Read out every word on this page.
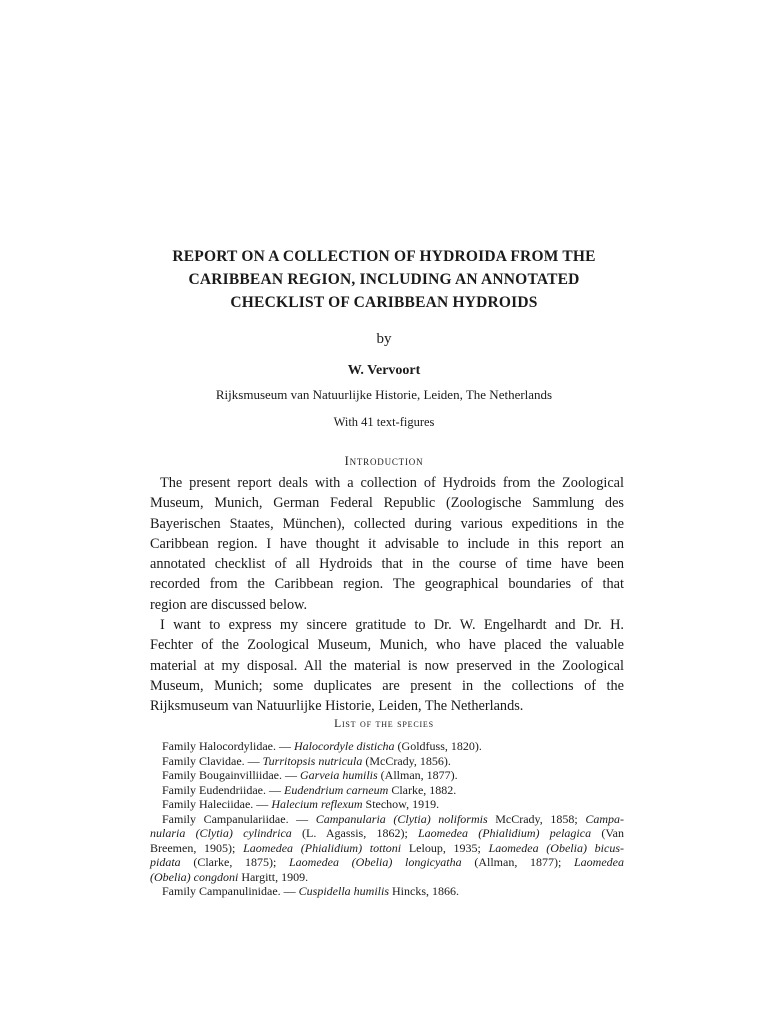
REPORT ON A COLLECTION OF HYDROIDA FROM THE
CARIBBEAN REGION, INCLUDING AN ANNOTATED
CHECKLIST OF CARIBBEAN HYDROIDS
by
W. Vervoort
Rijksmuseum van Natuurlijke Historie, Leiden, The Netherlands
With 41 text-figures
Introduction
The present report deals with a collection of Hydroids from the Zoological
Museum, Munich, German Federal Republic (Zoologische Sammlung des
Bayerischen Staates, München), collected during various expeditions in the
Caribbean region. I have thought it advisable to include in this report an
annotated checklist of all Hydroids that in the course of time have been
recorded from the Caribbean region. The geographical boundaries of that
region are discussed below.
I want to express my sincere gratitude to Dr. W. Engelhardt and Dr. H.
Fechter of the Zoological Museum, Munich, who have placed the valuable
material at my disposal. All the material is now preserved in the Zoological
Museum, Munich; some duplicates are present in the collections of the
Rijksmuseum van Natuurlijke Historie, Leiden, The Netherlands.
List of the species
Family Halocordylidae. — Halocordyle disticha (Goldfuss, 1820).
Family Clavidae. — Turritopsis nutricula (McCrady, 1856).
Family Bougainvilliidae. — Garveia humilis (Allman, 1877).
Family Eudendriidae. — Eudendrium carneum Clarke, 1882.
Family Haleciidae. — Halecium reflexum Stechow, 1919.
Family Campanulariidae. — Campanularia (Clytia) noliformis McCrady, 1858; Campa-
nularia (Clytia) cylindrica (L. Agassis, 1862); Laomedea (Phialidium) pelagica (Van
Breemen, 1905); Laomedea (Phialidium) tottoni Leloup, 1935; Laomedea (Obelia) bicus-
pidata (Clarke, 1875); Laomedea (Obelia) longicyatha (Allman, 1877); Laomedea
(Obelia) congdoni Hargitt, 1909.
Family Campanulinidae. — Cuspidella humilis Hincks, 1866.
